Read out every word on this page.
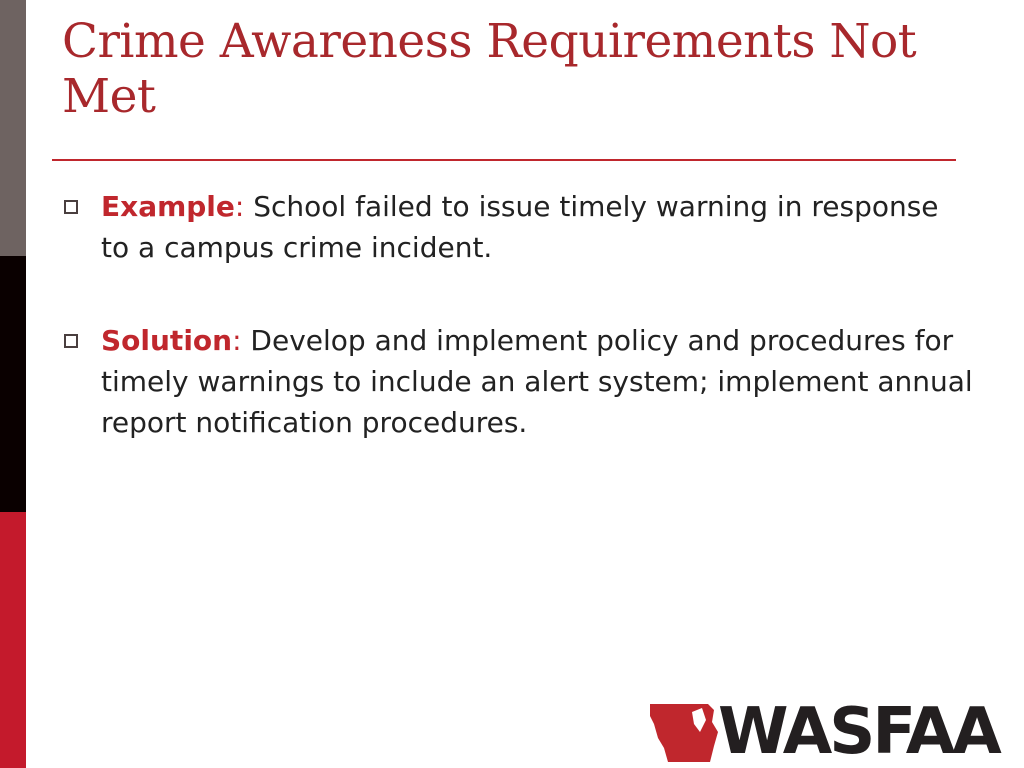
Crime Awareness Requirements Not Met
Example: School failed to issue timely warning in response to a campus crime incident.
Solution: Develop and implement policy and procedures for timely warnings to include an alert system; implement annual report notification procedures.
WASFAA
